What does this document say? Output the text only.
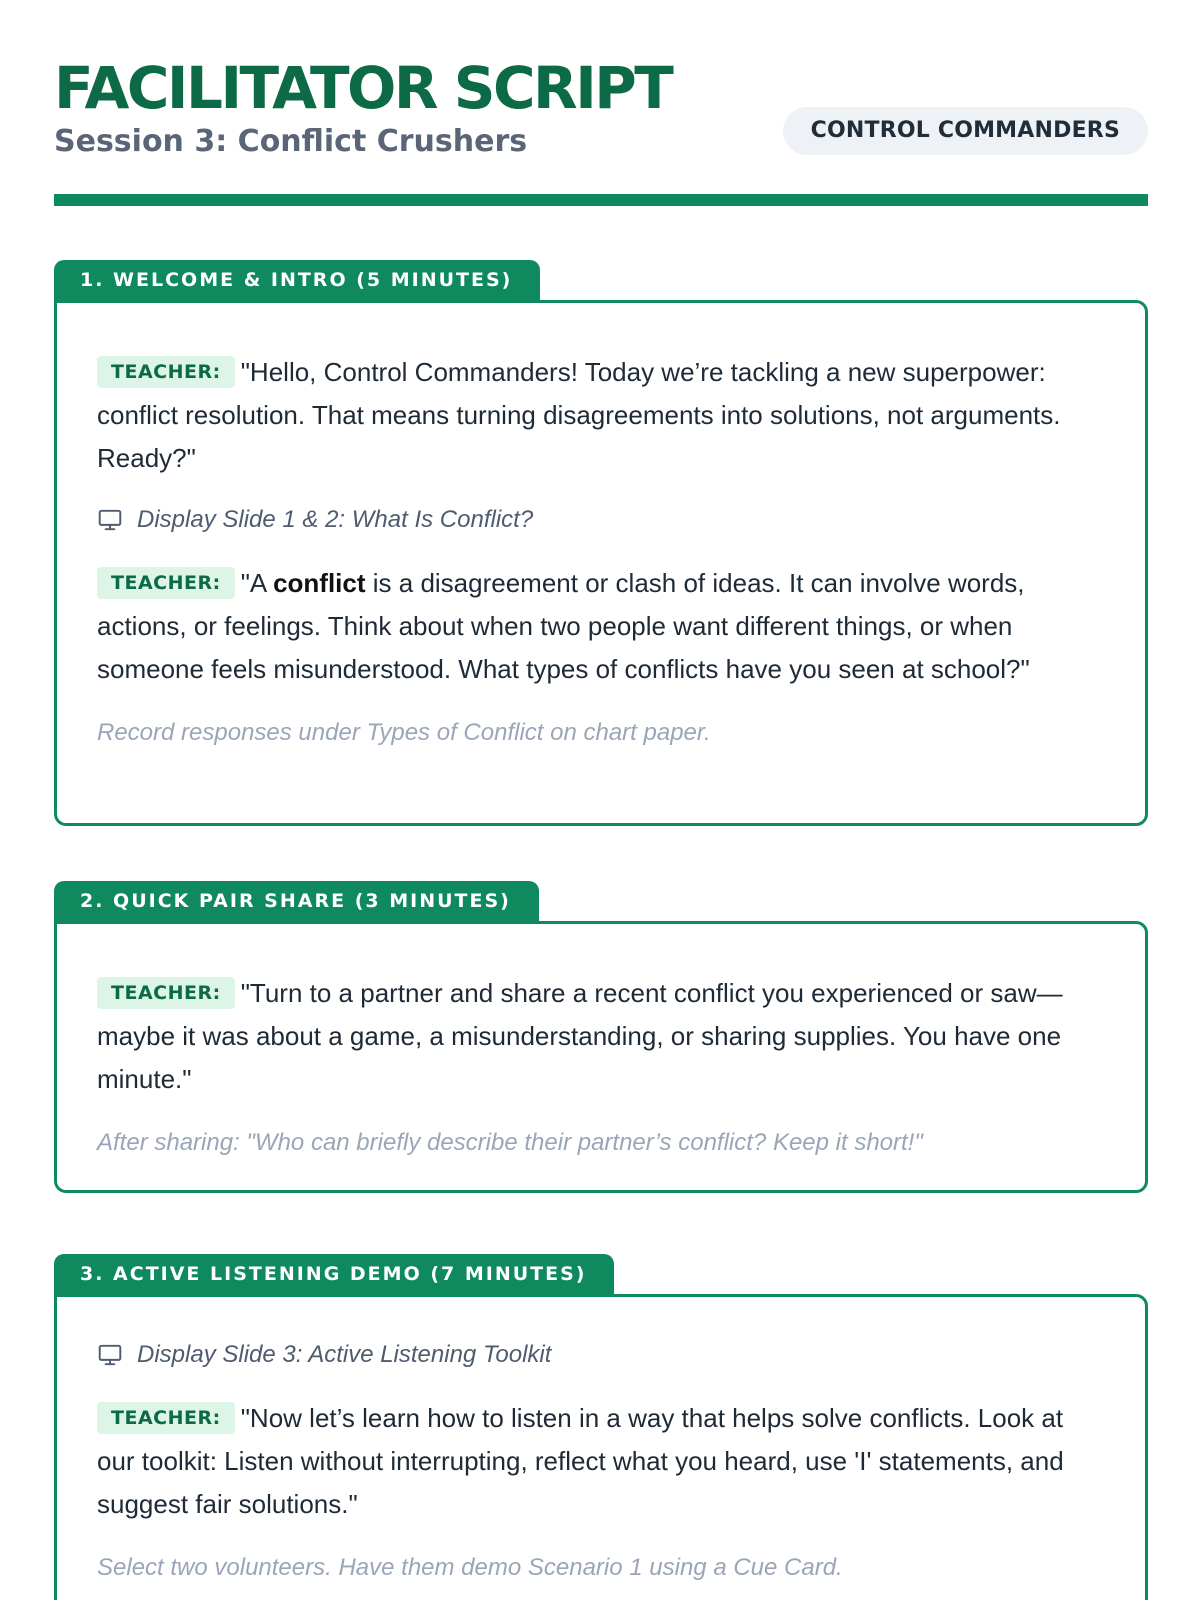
FACILITATOR SCRIPT
Session 3: Conflict Crushers	CONTROL COMMANDERS
1. WELCOME & INTRO (5 MINUTES)

TEACHER: "Hello, Control Commanders! Today we’re tackling a new superpower: conflict resolution. That means turning disagreements into solutions, not arguments. Ready?"

Display Slide 1 & 2: What Is Conflict?

TEACHER: "A conflict is a disagreement or clash of ideas. It can involve words, actions, or feelings. Think about when two people want different things, or when someone feels misunderstood. What types of conflicts have you seen at school?"

Record responses under Types of Conflict on chart paper.

2. QUICK PAIR SHARE (3 MINUTES)

TEACHER: "Turn to a partner and share a recent conflict you experienced or saw—maybe it was about a game, a misunderstanding, or sharing supplies. You have one minute."

After sharing: "Who can briefly describe their partner’s conflict? Keep it short!"

3. ACTIVE LISTENING DEMO (7 MINUTES)
Display Slide 3: Active Listening Toolkit

TEACHER: "Now let’s learn how to listen in a way that helps solve conflicts. Look at our toolkit: Listen without interrupting, reflect what you heard, use 'I' statements, and suggest fair solutions."

Select two volunteers. Have them demo Scenario 1 using a Cue Card.
